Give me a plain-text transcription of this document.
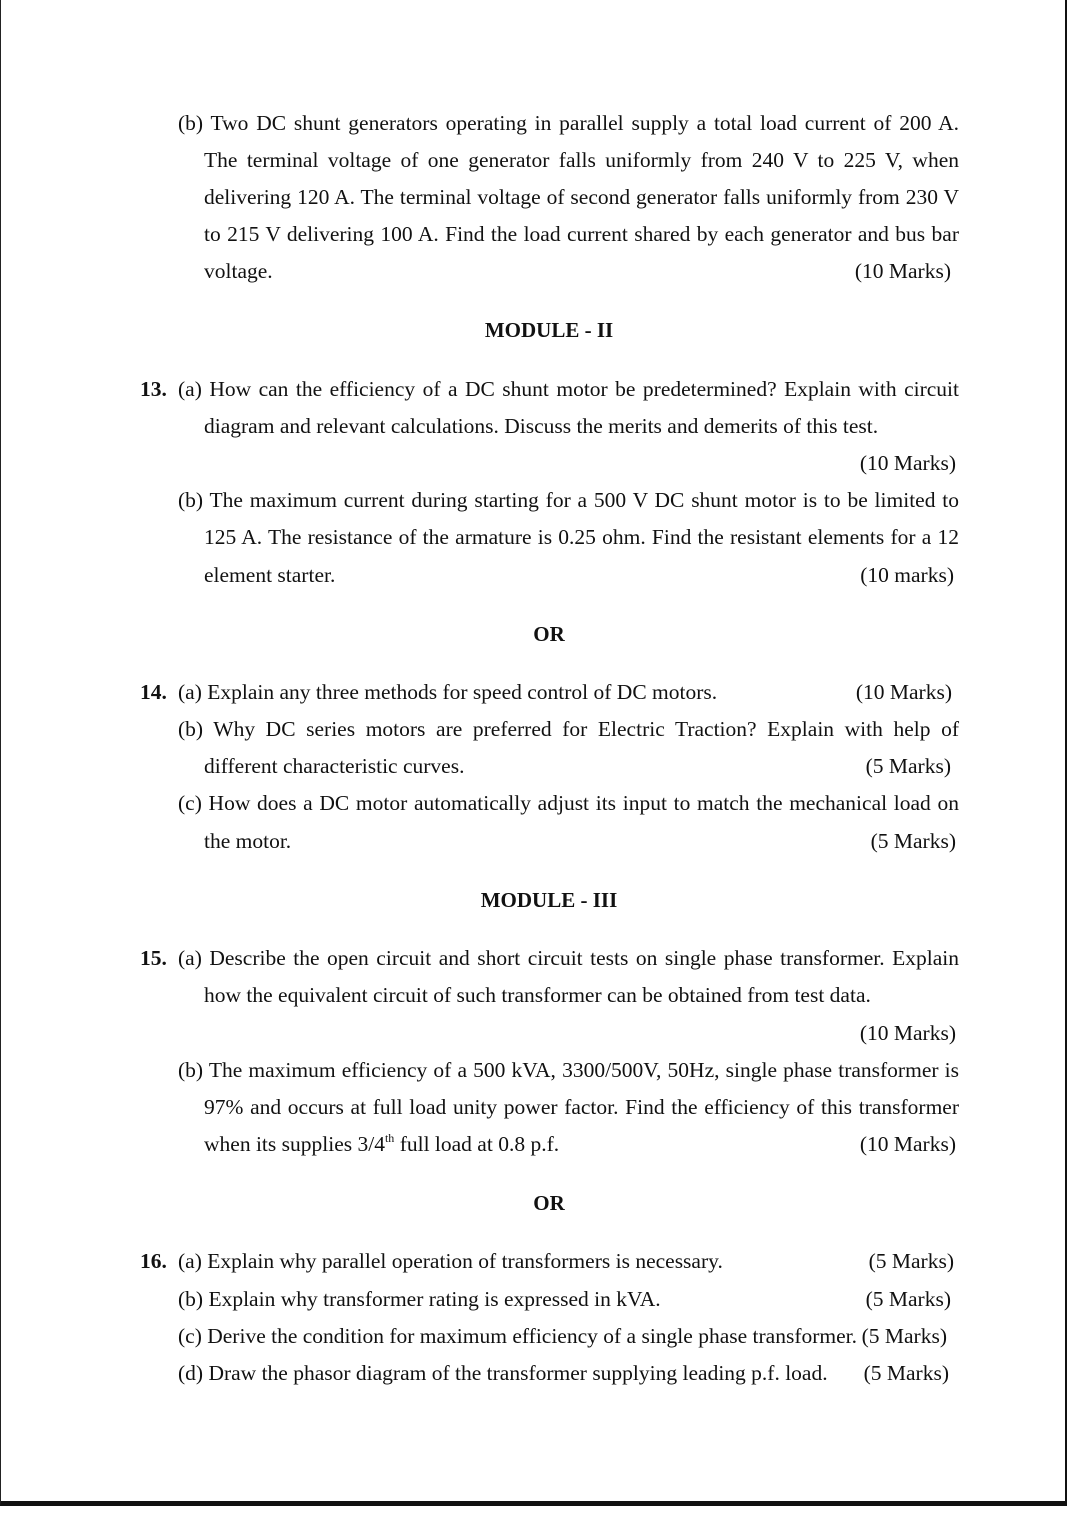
(b) Two DC shunt generators operating in parallel supply a total load current of 200 A.
The terminal voltage of one generator falls uniformly from 240 V to 225 V, when
delivering 120 A. The terminal voltage of second generator falls uniformly from 230 V
to 215 V delivering 100 A. Find the load current shared by each generator and bus bar
voltage.	(10 Marks)
MODULE - II
13. (a) How can the efficiency of a DC shunt motor be predetermined? Explain with circuit
diagram and relevant calculations. Discuss the merits and demerits of this test.
(10 Marks)
(b) The maximum current during starting for a 500 V DC shunt motor is to be limited to
125 A. The resistance of the armature is 0.25 ohm. Find the resistant elements for a 12
element starter.	(10 marks)
OR
14. (a) Explain any three methods for speed control of DC motors.	(10 Marks)
(b) Why DC series motors are preferred for Electric Traction? Explain with help of
different characteristic curves.	(5 Marks)
(c) How does a DC motor automatically adjust its input to match the mechanical load on
the motor.	(5 Marks)
MODULE - III
15. (a) Describe the open circuit and short circuit tests on single phase transformer. Explain
how the equivalent circuit of such transformer can be obtained from test data.
(10 Marks)
(b) The maximum efficiency of a 500 kVA, 3300/500V, 50Hz, single phase transformer is
97% and occurs at full load unity power factor. Find the efficiency of this transformer
when its supplies 3/4th full load at 0.8 p.f.	(10 Marks)
OR
16. (a) Explain why parallel operation of transformers is necessary.	(5 Marks)
(b) Explain why transformer rating is expressed in kVA.	(5 Marks)
(c) Derive the condition for maximum efficiency of a single phase transformer. (5 Marks)
(d) Draw the phasor diagram of the transformer supplying leading p.f. load. (5 Marks)
